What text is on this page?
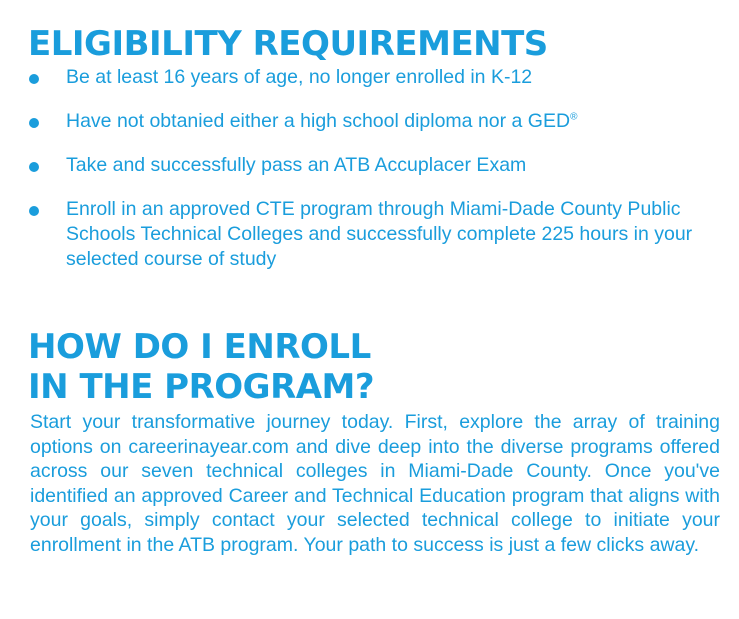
ELIGIBILITY REQUIREMENTS
Be at least 16 years of age, no longer enrolled in K-12
Have not obtanied either a high school diploma nor a GED®
Take and successfully pass an ATB Accuplacer Exam
Enroll in an approved CTE program through Miami-Dade County Public Schools Technical Colleges and successfully complete 225 hours in your selected course of study
HOW DO I ENROLL
IN THE PROGRAM?

Start your transformative journey today. First, explore the array of training options on careerinayear.com and dive deep into the diverse programs offered across our seven technical colleges in Miami-Dade County. Once you've identified an approved Career and Technical Education program that aligns with your goals, simply contact your selected technical college to initiate your enrollment in the ATB program. Your path to success is just a few clicks away.
